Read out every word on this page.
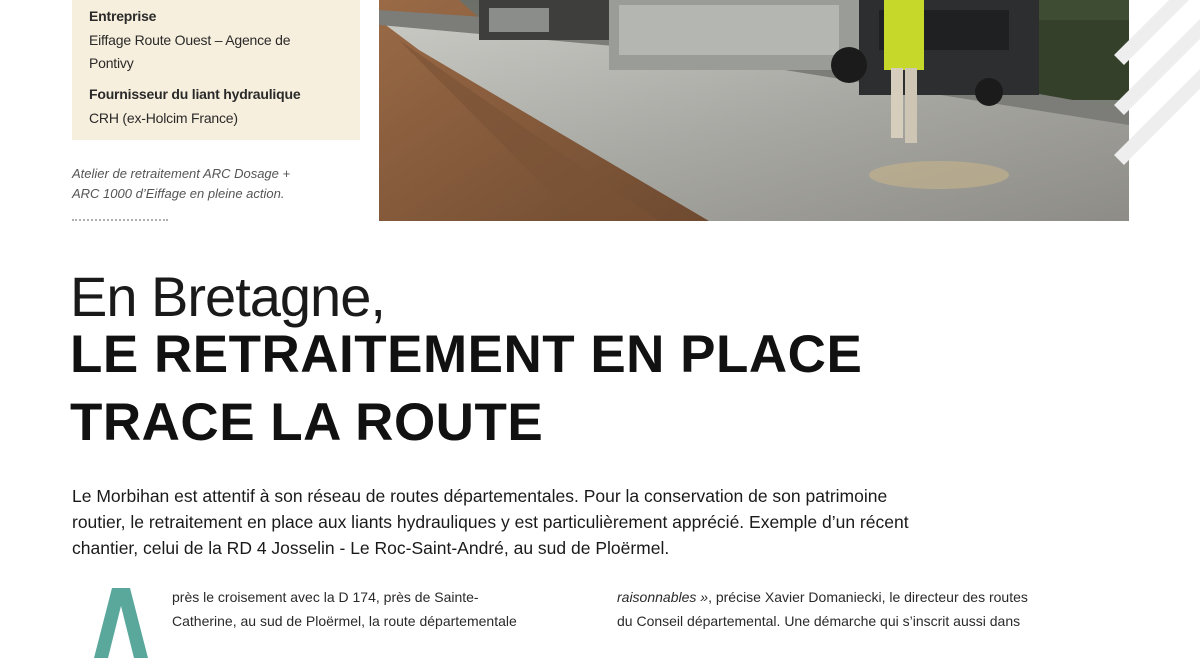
Entreprise
Eiffage Route Ouest – Agence de
Pontivy
Fournisseur du liant hydraulique
CRH (ex-Holcim France)
Atelier de retraitement ARC Dosage +
ARC 1000 d’Eiffage en pleine action.
En Bretagne,
LE RETRAITEMENT EN PLACE
TRACE LA ROUTE
Le Morbihan est attentif à son réseau de routes départementales. Pour la conservation de son patrimoine
routier, le retraitement en place aux liants hydrauliques y est particulièrement apprécié. Exemple d’un récent
chantier, celui de la RD 4 Josselin - Le Roc-Saint-André, au sud de Ploërmel.
A
près le croisement avec la D 174, près de Sainte-
Catherine, au sud de Ploërmel, la route départementale
raisonnables », précise Xavier Domaniecki, le directeur des routes
du Conseil départemental. Une démarche qui s’inscrit aussi dans
